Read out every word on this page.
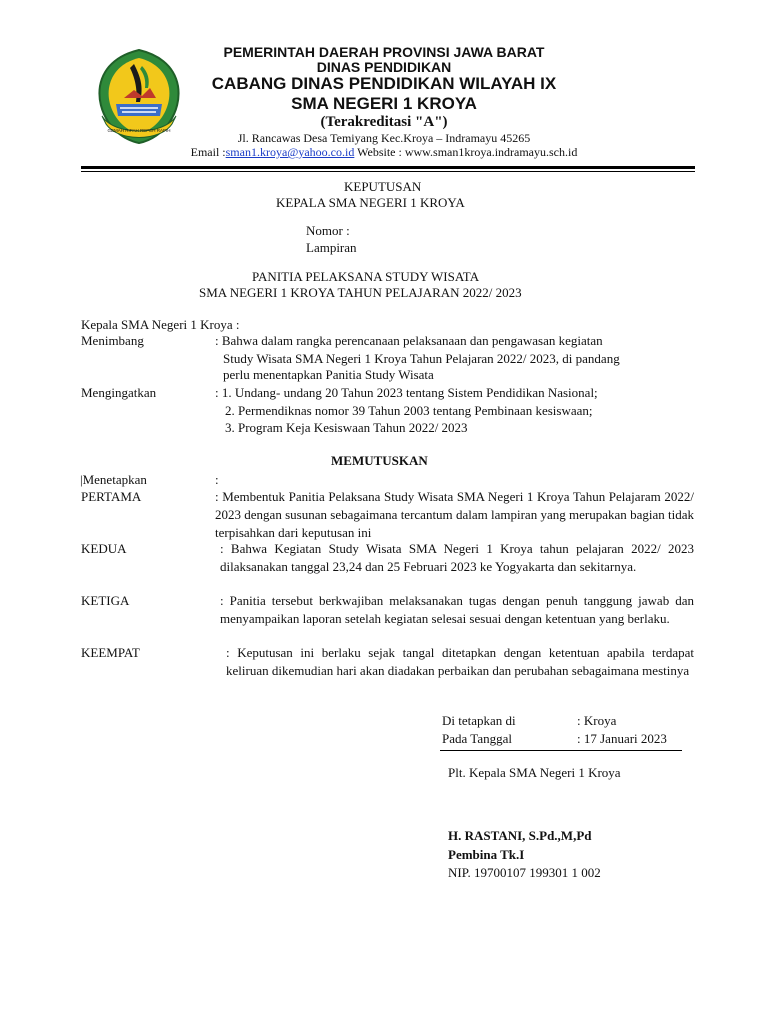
GEMAH RIPAH REPEH RAPIH
PEMERINTAH DAERAH PROVINSI JAWA BARAT
DINAS PENDIDIKAN
CABANG DINAS PENDIDIKAN WILAYAH IX
SMA NEGERI 1 KROYA
(Terakreditasi "A")
Jl. Rancawas Desa Temiyang Kec.Kroya – Indramayu 45265
Email :sman1.kroya@yahoo.co.id Website : www.sman1kroya.indramayu.sch.id
KEPUTUSAN
KEPALA SMA NEGERI 1 KROYA
Nomor :
Lampiran
PANITIA PELAKSANA STUDY WISATA
SMA NEGERI 1 KROYA TAHUN PELAJARAN 2022/ 2023
Kepala SMA Negeri 1 Kroya :
Menimbang	: Bahwa dalam rangka perencanaan pelaksanaan dan pengawasan kegiatan
Study Wisata SMA Negeri 1 Kroya Tahun Pelajaran 2022/ 2023, di pandang
perlu menentapkan Panitia Study Wisata
Mengingatkan	: 1. Undang- undang 20 Tahun 2023 tentang Sistem Pendidikan Nasional;
2. Permendiknas nomor 39 Tahun 2003 tentang Pembinaan kesiswaan;
3. Program Keja Kesiswaan Tahun 2022/ 2023
MEMUTUSKAN
|Menetapkan	:
PERTAMA	: Membentuk Panitia Pelaksana Study Wisata SMA Negeri 1 Kroya Tahun Pelajaram 2022/ 2023 dengan susunan sebagaimana tercantum dalam lampiran yang merupakan bagian tidak terpisahkan dari keputusan ini
KEDUA	: Bahwa Kegiatan Study Wisata SMA Negeri 1 Kroya tahun pelajaran 2022/ 2023 dilaksanakan tanggal 23,24 dan 25 Februari 2023 ke Yogyakarta dan sekitarnya.
KETIGA	: Panitia tersebut berkwajiban melaksanakan tugas dengan penuh tanggung jawab dan menyampaikan laporan setelah kegiatan selesai sesuai dengan ketentuan yang berlaku.
KEEMPAT	: Keputusan ini berlaku sejak tangal ditetapkan dengan ketentuan apabila terdapat keliruan dikemudian hari akan diadakan perbaikan dan perubahan sebagaimana mestinya
Di tetapkan di	: Kroya
Pada Tanggal	: 17 Januari 2023
Plt. Kepala SMA Negeri 1 Kroya
H. RASTANI, S.Pd.,M,Pd
Pembina Tk.I
NIP. 19700107 199301 1 002
